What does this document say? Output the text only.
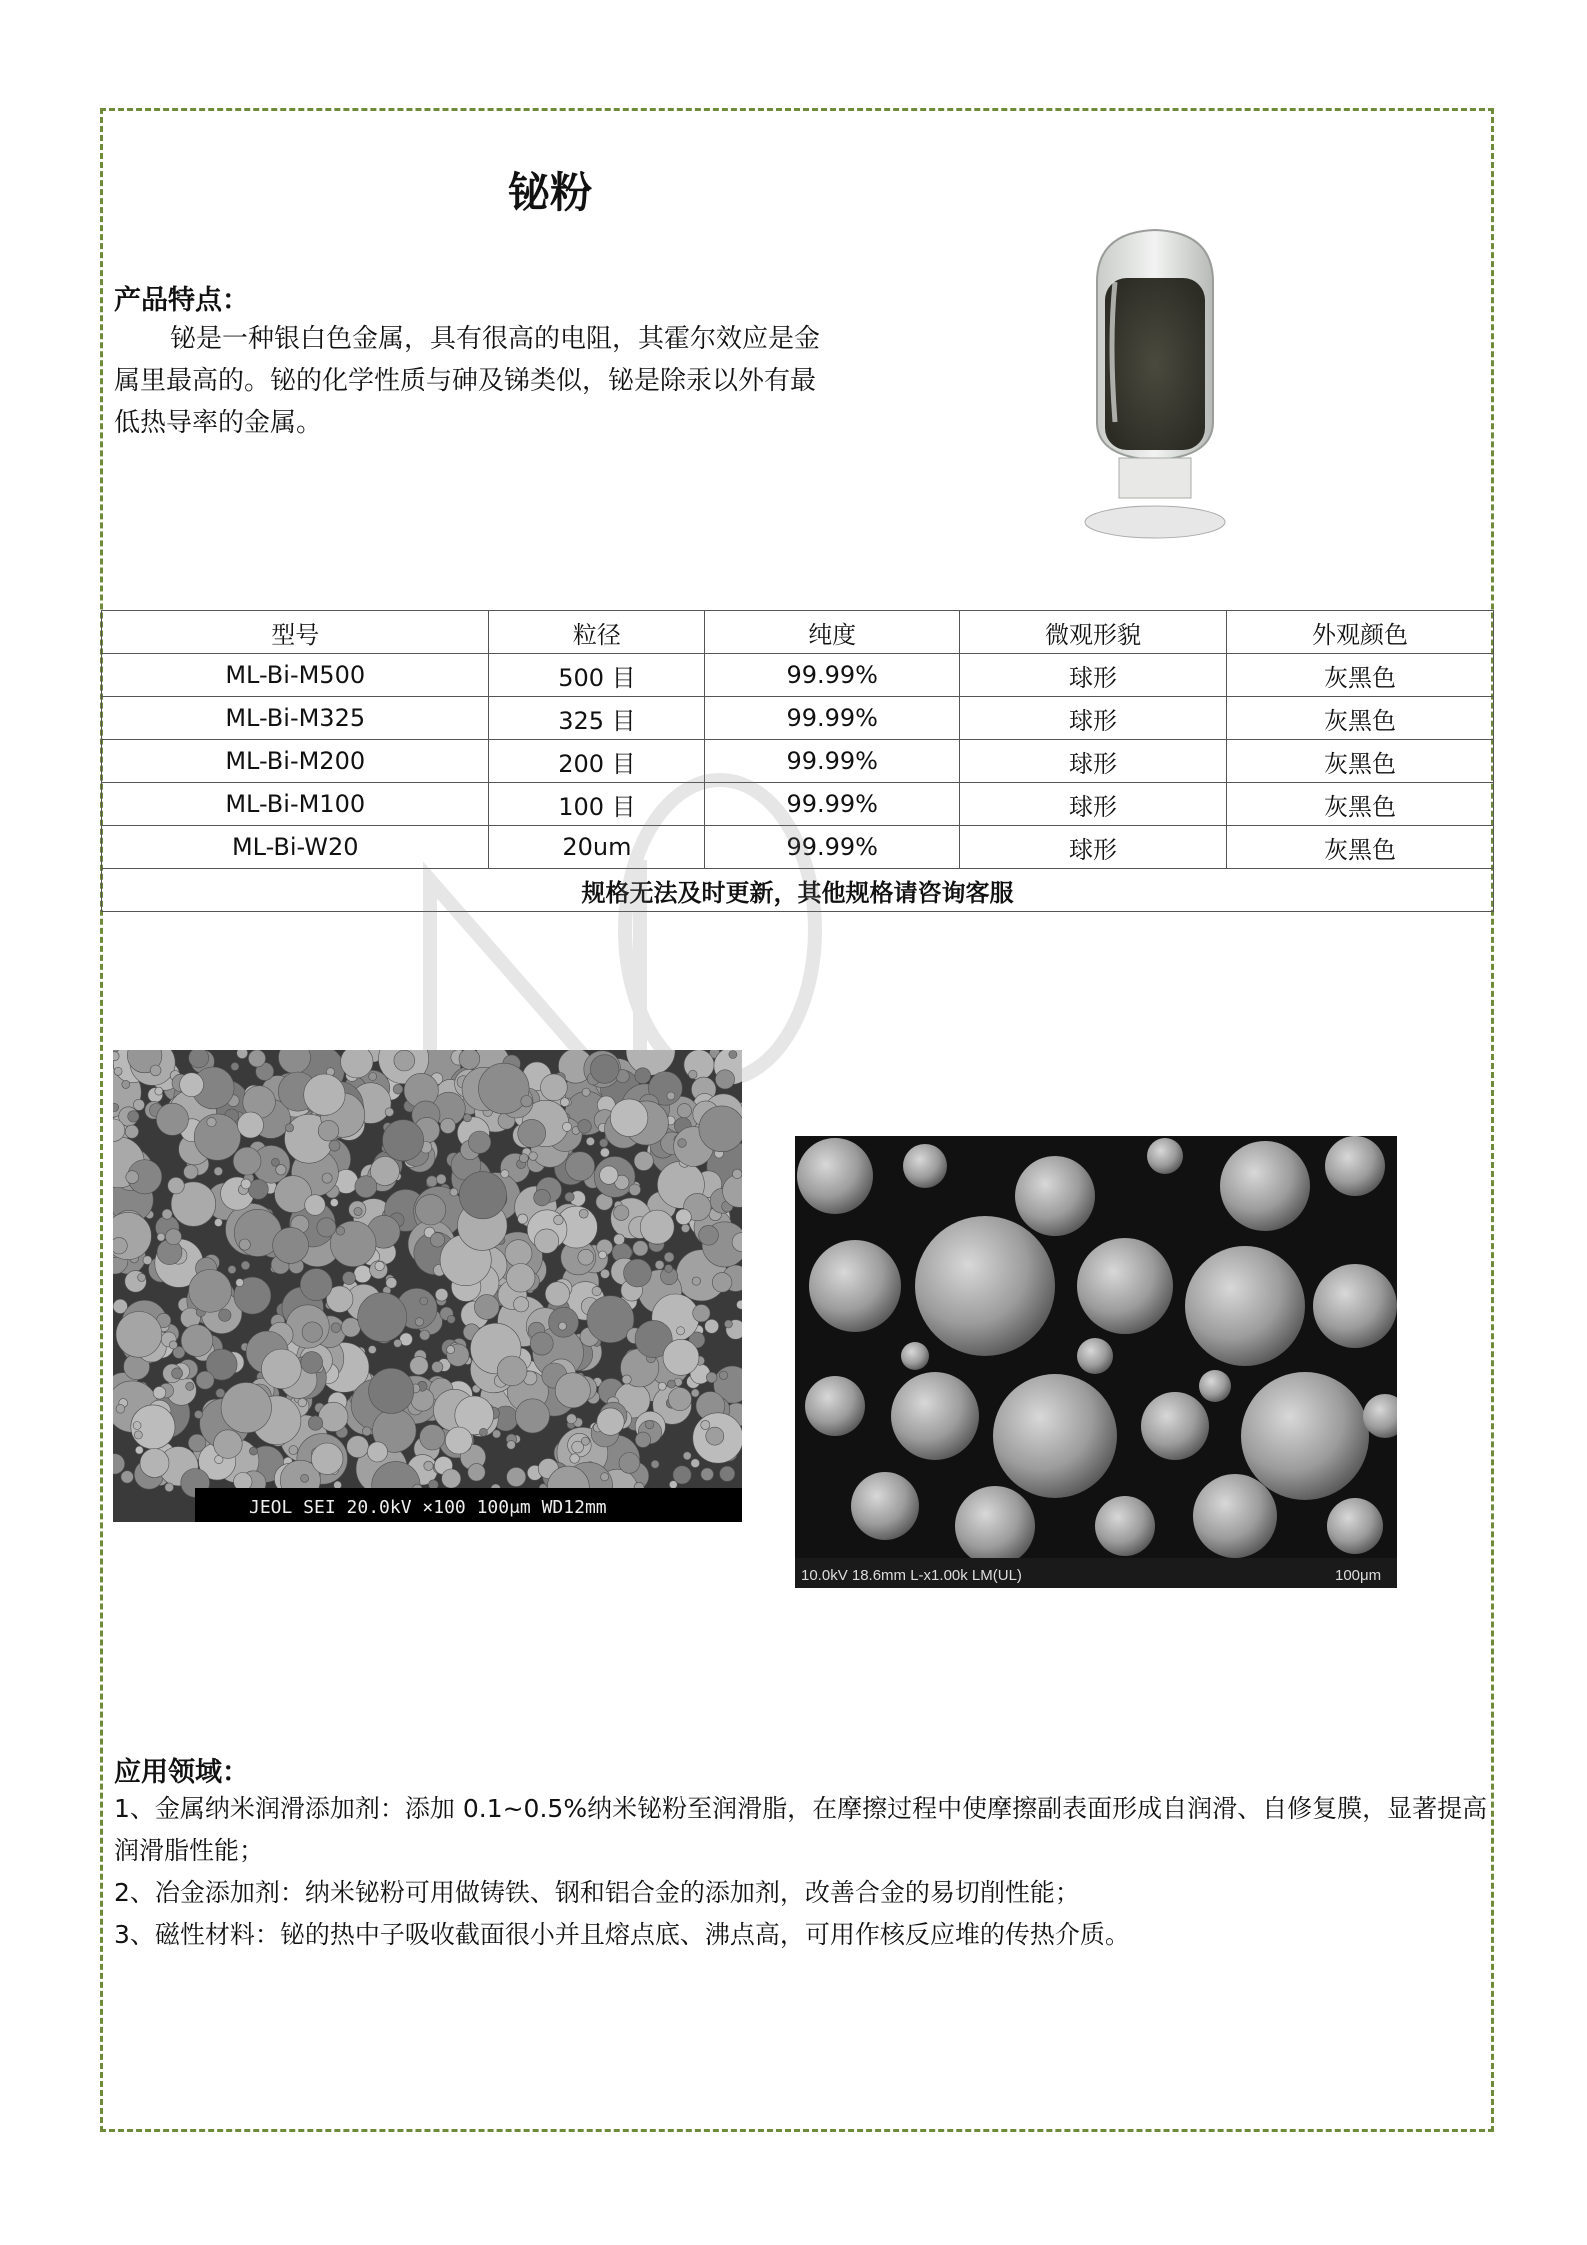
铋粉
产品特点：
铋是一种银白色金属，具有很高的电阻，其霍尔效应是金属里最高的。铋的化学性质与砷及锑类似，铋是除汞以外有最低热导率的金属。
型号	粒径	纯度	微观形貌	外观颜色
ML-Bi-M500	500 目	99.99%	球形	灰黑色
ML-Bi-M325	325 目	99.99%	球形	灰黑色
ML-Bi-M200	200 目	99.99%	球形	灰黑色
ML-Bi-M100	100 目	99.99%	球形	灰黑色
ML-Bi-W20	20um	99.99%	球形	灰黑色
规格无法及时更新，其他规格请咨询客服				
JEOL SEI 20.0kV ×100 100μm WD12mm
10.0kV 18.6mm L-x1.00k LM(UL)	100μm
应用领域：
1、金属纳米润滑添加剂：添加 0.1~0.5%纳米铋粉至润滑脂，在摩擦过程中使摩擦副表面形成自润滑、自修复膜，显著提高润滑脂性能；
2、冶金添加剂：纳米铋粉可用做铸铁、钢和铝合金的添加剂，改善合金的易切削性能；
3、磁性材料：铋的热中子吸收截面很小并且熔点底、沸点高，可用作核反应堆的传热介质。
